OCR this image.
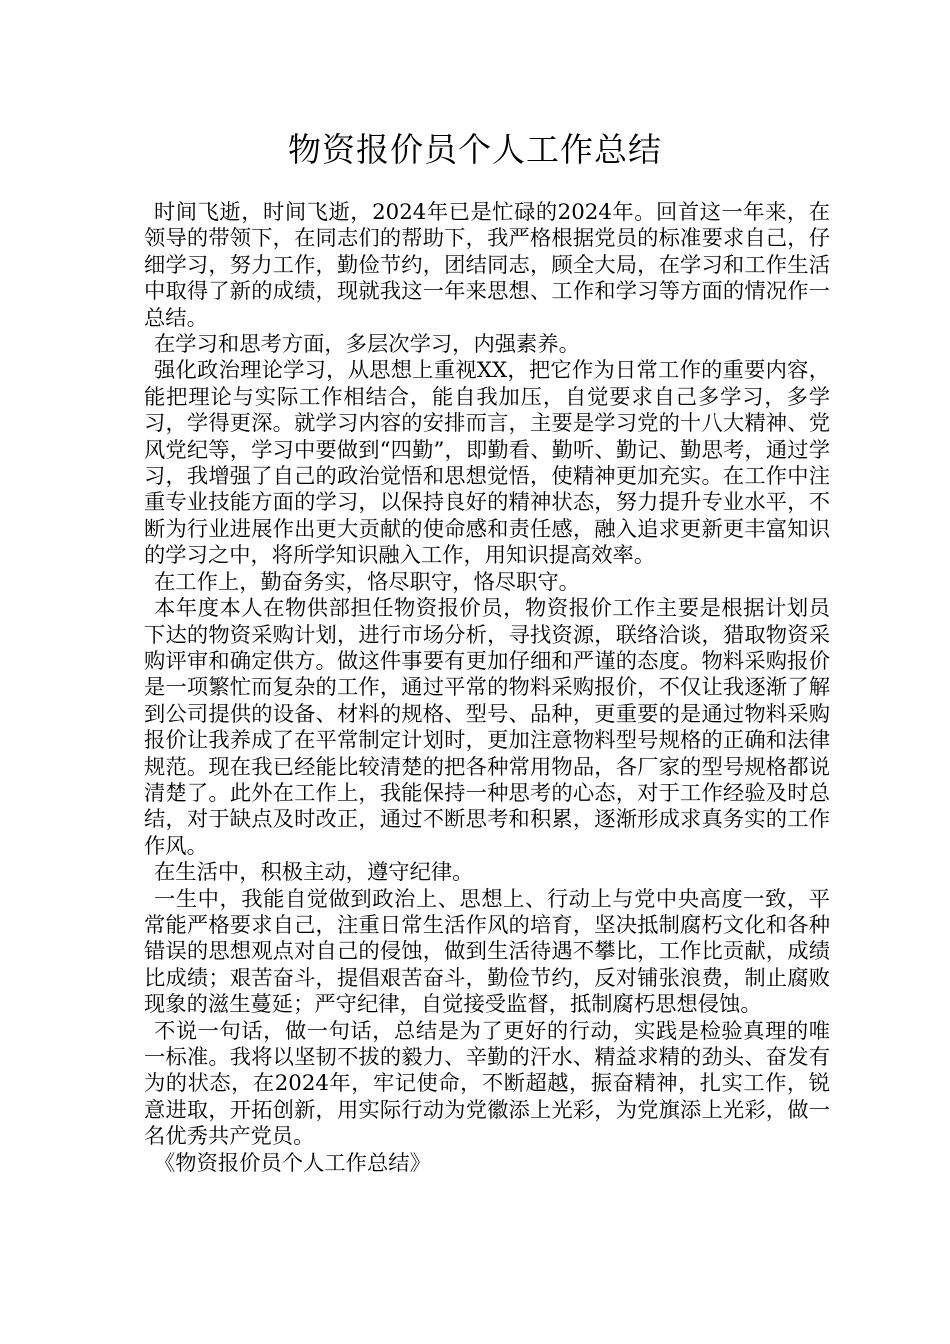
物资报价员个人工作总结

时间飞逝，时间飞逝，2024年已是忙碌的2024年。回首这一年来，在领导的带领下，在同志们的帮助下，我严格根据党员的标准要求自己，仔细学习，努力工作，勤俭节约，团结同志，顾全大局，在学习和工作生活中取得了新的成绩，现就我这一年来思想、工作和学习等方面的情况作一总结。

在学习和思考方面，多层次学习，内强素养。

强化政治理论学习，从思想上重视XX，把它作为日常工作的重要内容，能把理论与实际工作相结合，能自我加压，自觉要求自己多学习，多学习，学得更深。就学习内容的安排而言，主要是学习党的十八大精神、党风党纪等，学习中要做到“四勤”，即勤看、勤听、勤记、勤思考，通过学习，我增强了自己的政治觉悟和思想觉悟，使精神更加充实。在工作中注重专业技能方面的学习，以保持良好的精神状态，努力提升专业水平，不断为行业进展作出更大贡献的使命感和责任感，融入追求更新更丰富知识的学习之中，将所学知识融入工作，用知识提高效率。

在工作上，勤奋务实，恪尽职守，恪尽职守。

本年度本人在物供部担任物资报价员，物资报价工作主要是根据计划员下达的物资采购计划，进行市场分析，寻找资源，联络洽谈，猎取物资采购评审和确定供方。做这件事要有更加仔细和严谨的态度。物料采购报价是一项繁忙而复杂的工作，通过平常的物料采购报价，不仅让我逐渐了解到公司提供的设备、材料的规格、型号、品种，更重要的是通过物料采购报价让我养成了在平常制定计划时，更加注意物料型号规格的正确和法律规范。现在我已经能比较清楚的把各种常用物品，各厂家的型号规格都说清楚了。此外在工作上，我能保持一种思考的心态，对于工作经验及时总结，对于缺点及时改正，通过不断思考和积累，逐渐形成求真务实的工作作风。

在生活中，积极主动，遵守纪律。

一生中，我能自觉做到政治上、思想上、行动上与党中央高度一致，平常能严格要求自己，注重日常生活作风的培育，坚决抵制腐朽文化和各种错误的思想观点对自己的侵蚀，做到生活待遇不攀比，工作比贡献，成绩比成绩；艰苦奋斗，提倡艰苦奋斗，勤俭节约，反对铺张浪费，制止腐败现象的滋生蔓延；严守纪律，自觉接受监督，抵制腐朽思想侵蚀。

不说一句话，做一句话，总结是为了更好的行动，实践是检验真理的唯一标准。我将以坚韧不拔的毅力、辛勤的汗水、精益求精的劲头、奋发有为的状态，在2024年，牢记使命，不断超越，振奋精神，扎实工作，锐意进取，开拓创新，用实际行动为党徽添上光彩，为党旗添上光彩，做一名优秀共产党员。

《物资报价员个人工作总结》
